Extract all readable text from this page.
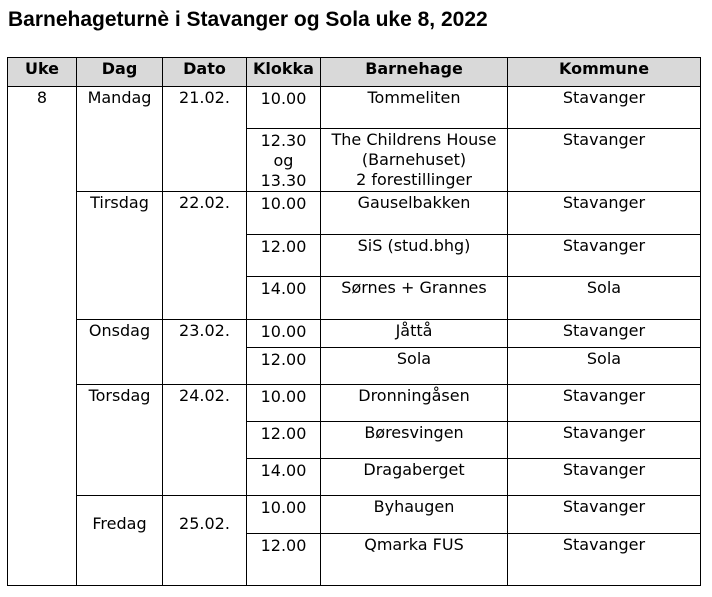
Barnehageturnè i Stavanger og Sola uke 8, 2022
Uke	Dag	Dato	Klokka	Barnehage	Kommune
8	Mandag	21.02.	10.00	Tommeliten	Stavanger
			12.30
og
13.30	The Childrens House
(Barnehuset)
2 forestillinger	Stavanger
	Tirsdag	22.02.	10.00	Gauselbakken	Stavanger
			12.00	SiS (stud.bhg)	Stavanger
			14.00	Sørnes + Grannes	Sola
	Onsdag	23.02.	10.00	Jåttå	Stavanger
			12.00	Sola	Sola
	Torsdag	24.02.	10.00	Dronningåsen	Stavanger
			12.00	Børesvingen	Stavanger
			14.00	Dragaberget	Stavanger
	Fredag	25.02.	10.00	Byhaugen	Stavanger
			12.00	Qmarka FUS	Stavanger
